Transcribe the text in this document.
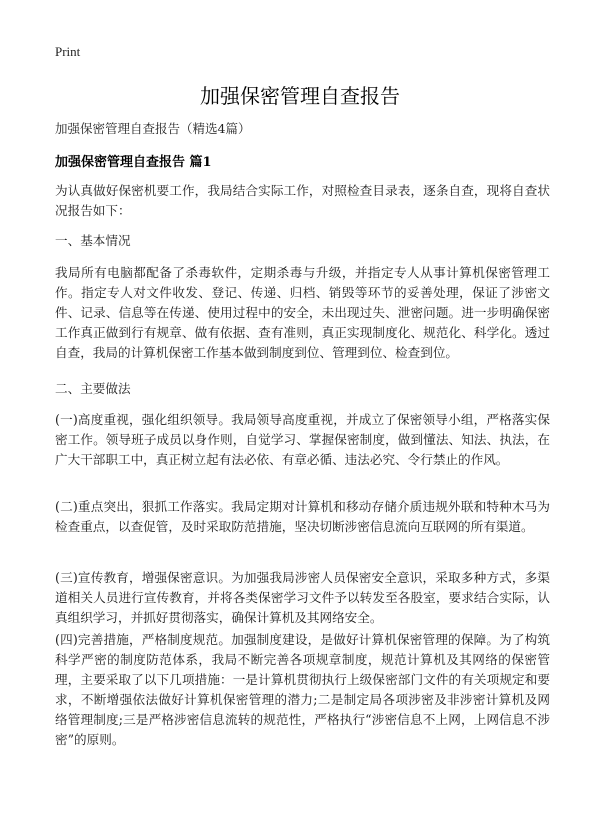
Print
加强保密管理自查报告
加强保密管理自查报告（精选4篇）
加强保密管理自查报告 篇1

为认真做好保密机要工作，我局结合实际工作，对照检查目录表，逐条自查，现将自查状况报告如下：

一、基本情况

我局所有电脑都配备了杀毒软件，定期杀毒与升级，并指定专人从事计算机保密管理工作。指定专人对文件收发、登记、传递、归档、销毁等环节的妥善处理，保证了涉密文件、记录、信息等在传递、使用过程中的安全，未出现过失、泄密问题。进一步明确保密工作真正做到行有规章、做有依据、查有准则，真正实现制度化、规范化、科学化。透过自查，我局的计算机保密工作基本做到制度到位、管理到位、检查到位。

二、主要做法

(一)高度重视，强化组织领导。我局领导高度重视，并成立了保密领导小组，严格落实保密工作。领导班子成员以身作则，自觉学习、掌握保密制度，做到懂法、知法、执法，在广大干部职工中，真正树立起有法必依、有章必循、违法必究、令行禁止的作风。

(二)重点突出，狠抓工作落实。我局定期对计算机和移动存储介质违规外联和特种木马为检查重点，以查促管，及时采取防范措施，坚决切断涉密信息流向互联网的所有渠道。

(三)宣传教育，增强保密意识。为加强我局涉密人员保密安全意识，采取多种方式，多渠道相关人员进行宣传教育，并将各类保密学习文件予以转发至各股室，要求结合实际，认真组织学习，并抓好贯彻落实，确保计算机及其网络安全。

(四)完善措施，严格制度规范。加强制度建设，是做好计算机保密管理的保障。为了构筑科学严密的制度防范体系，我局不断完善各项规章制度，规范计算机及其网络的保密管理，主要采取了以下几项措施：一是计算机贯彻执行上级保密部门文件的有关项规定和要求，不断增强依法做好计算机保密管理的潜力;二是制定局各项涉密及非涉密计算机及网络管理制度;三是严格涉密信息流转的规范性，严格执行“涉密信息不上网，上网信息不涉密”的原则。
